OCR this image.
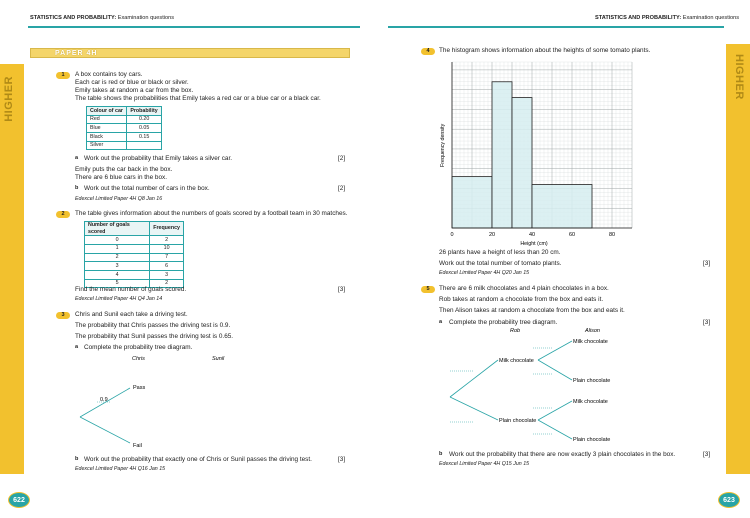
STATISTICS AND PROBABILITY: Examination questions	STATISTICS AND PROBABILITY: Examination questions
HIGHER	HIGHER
622	623
PAPER 4H
1	A box contains toy cars.
Each car is red or blue or black or silver.
Emily takes at random a car from the box.
The table shows the probabilities that Emily takes a red car or a blue car or a black car.
Colour of car	Probability
Red	0.20
Blue	0.05
Black	0.15
Silver	
a Work out the probability that Emily takes a silver car.	[2]
Emily puts the car back in the box.
There are 6 blue cars in the box.
b Work out the total number of cars in the box.	[2]
Edexcel Limited Paper 4H Q8 Jan 16
2	The table gives information about the numbers of goals scored by a football team in 30 matches.
Number of goals scored	Frequency
0	2
1	10
2	7
3	6
4	3
5	2
Find the mean number of goals scored.	[3]
Edexcel Limited Paper 4H Q4 Jan 14
3	Chris and Sunil each take a driving test.
The probability that Chris passes the driving test is 0.9.
The probability that Sunil passes the driving test is 0.65.
a Complete the probability tree diagram.
Chris	Sunil
0.9
Pass
Fail
b Work out the probability that exactly one of Chris or Sunil passes the driving test.	[3]
Edexcel Limited Paper 4H Q16 Jan 15
4	The histogram shows information about the heights of some tomato plants.
0	20	40	60	80
Frequency density
Height (cm)
26 plants have a height of less than 20 cm.
Work out the total number of tomato plants.	[3]
Edexcel Limited Paper 4H Q20 Jan 15
5	There are 6 milk chocolates and 4 plain chocolates in a box.
Rob takes at random a chocolate from the box and eats it.
Then Alison takes at random a chocolate from the box and eats it.
a Complete the probability tree diagram.	[3]
Rob	Alison
Milk chocolate
Plain chocolate
Milk chocolate
Plain chocolate
Milk chocolate
Plain chocolate
b Work out the probability that there are now exactly 3 plain chocolates in the box.	[3]
Edexcel Limited Paper 4H Q15 Jun 15
